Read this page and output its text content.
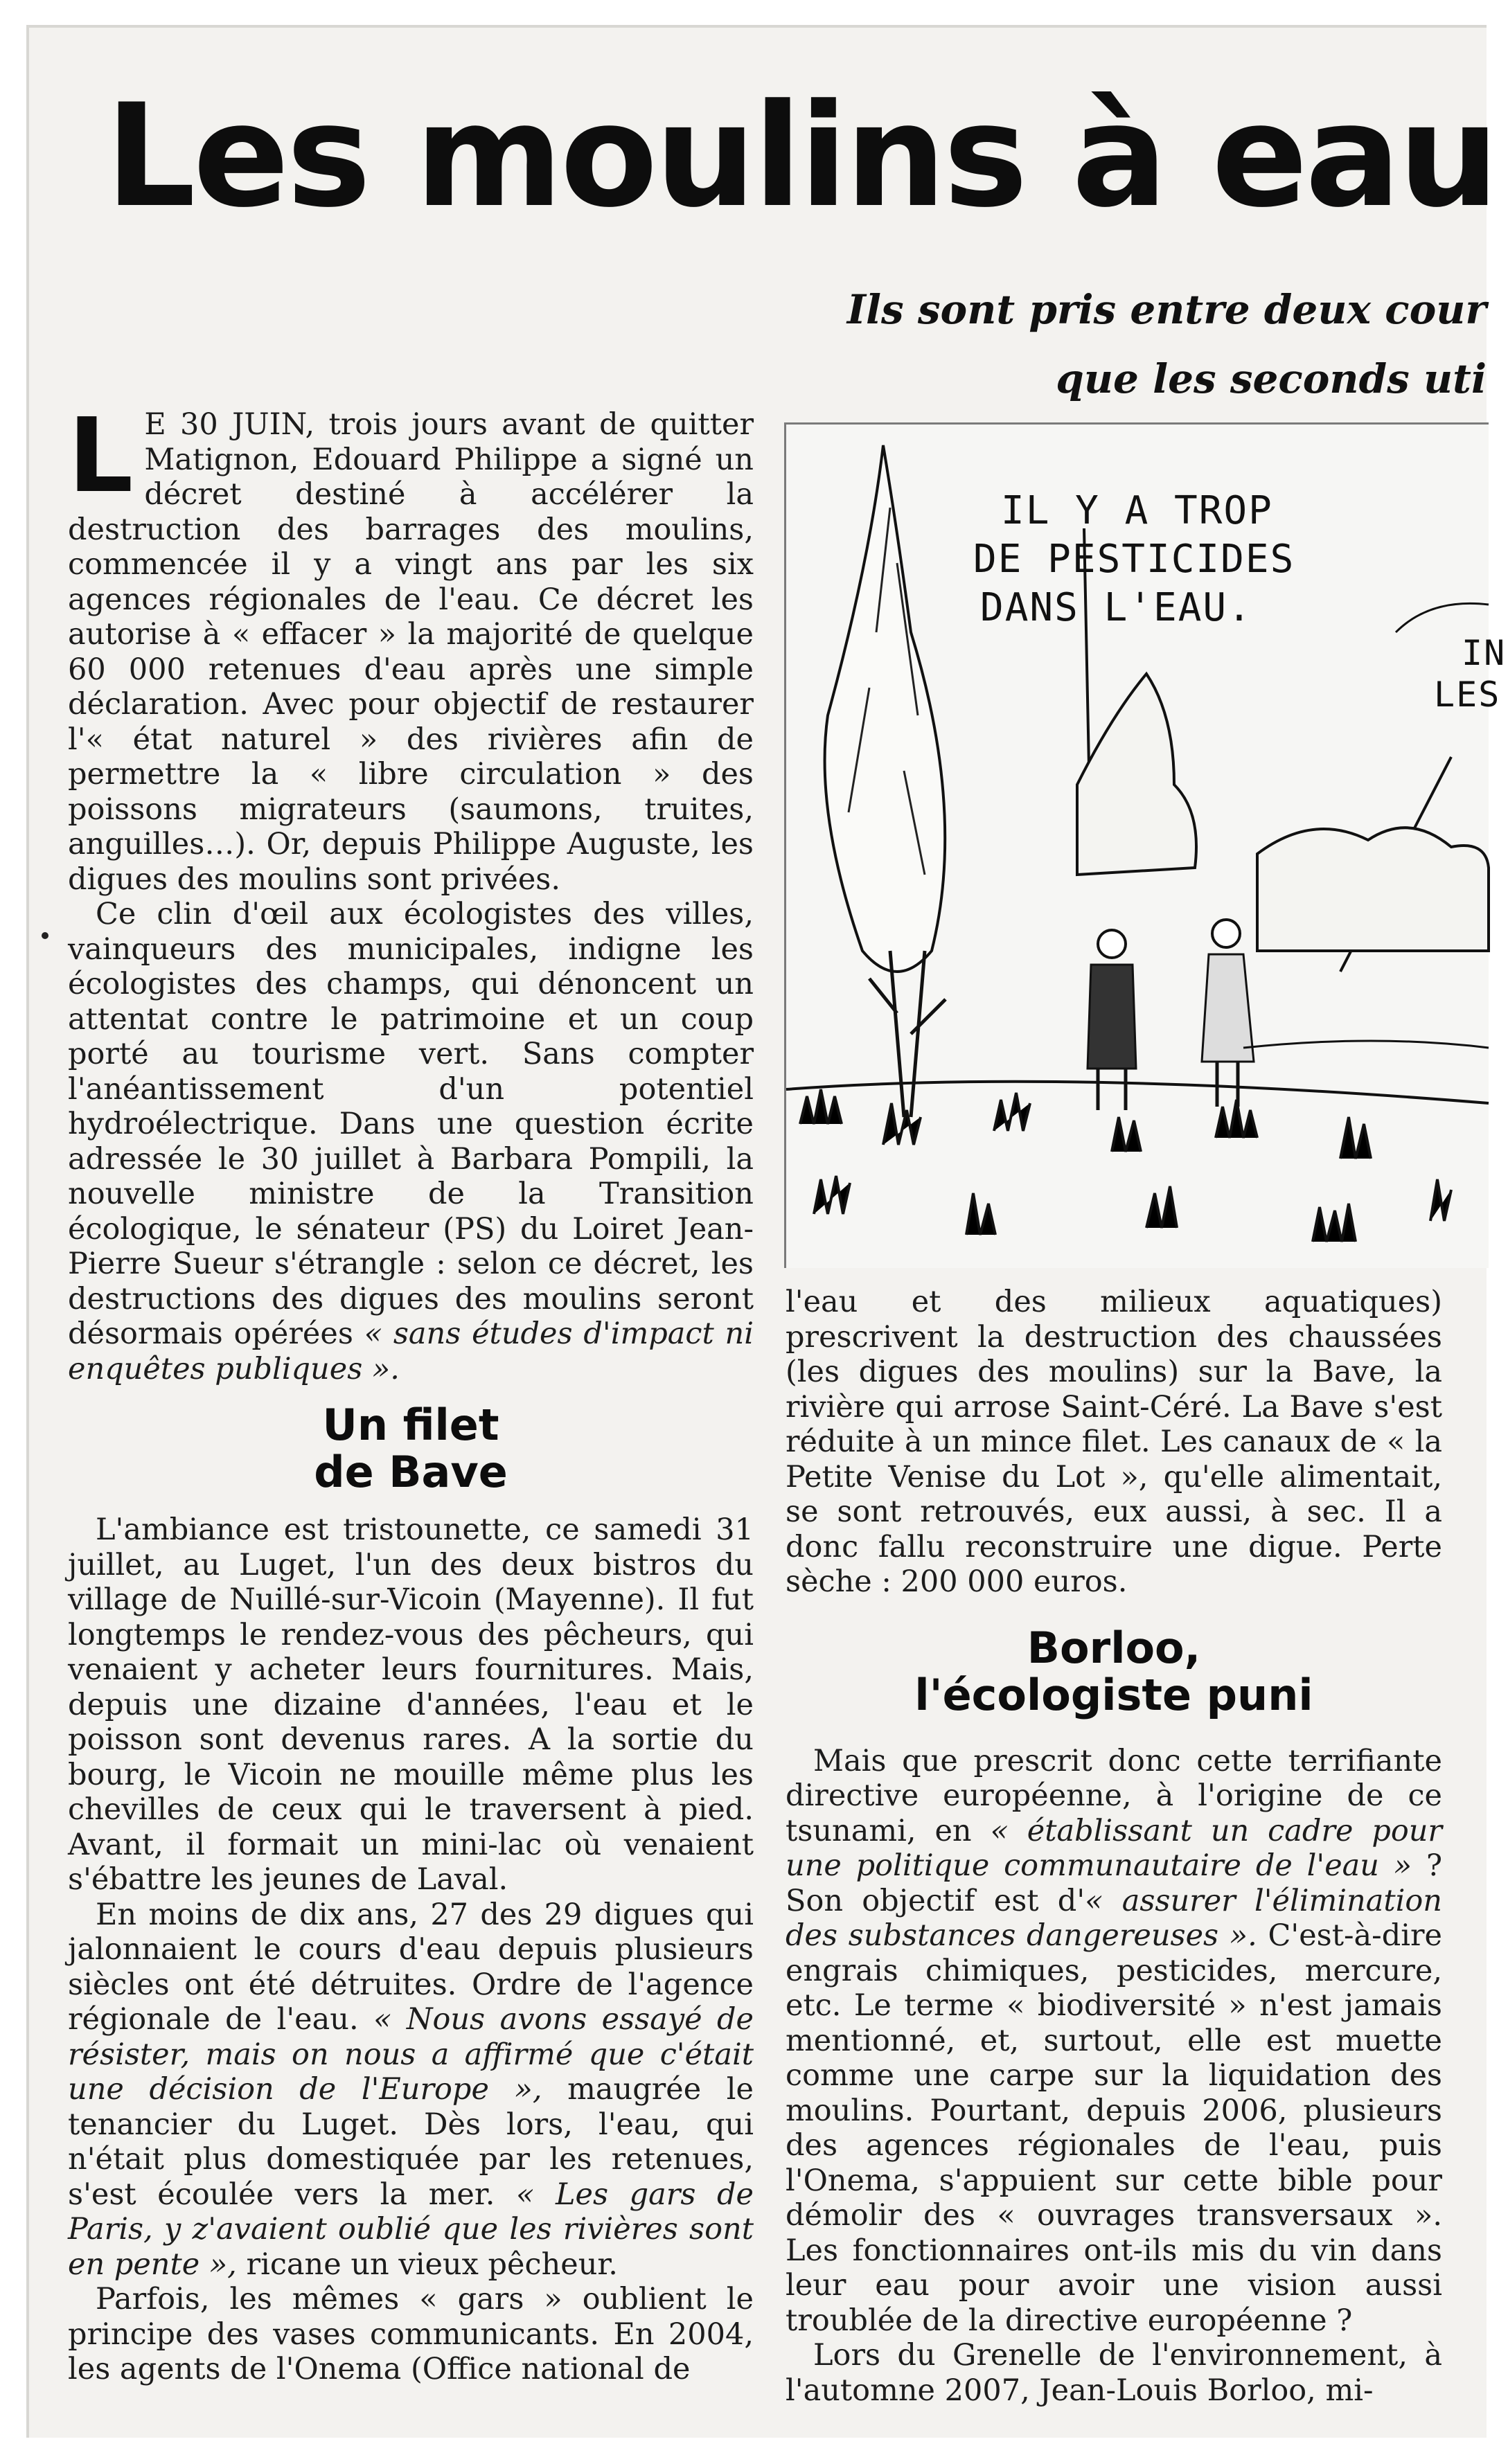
Les moulins à eau
Ils sont pris entre deux cour
que les seconds uti
L E 30 JUIN, trois jours avant de quitter Matignon, Edouard Philippe a signé un décret destiné à accélérer la destruction des barrages des moulins, commencée il y a vingt ans par les six agences régionales de l'eau. Ce décret les autorise à « effacer » la majorité de quelque 60 000 retenues d'eau après une simple déclaration. Avec pour objectif de restaurer l'« état naturel » des rivières afin de permettre la « libre circulation » des poissons migrateurs (saumons, truites, anguilles…). Or, depuis Philippe Auguste, les digues des moulins sont privées.

Ce clin d'œil aux écologistes des villes, vainqueurs des municipales, indigne les écologistes des champs, qui dénoncent un attentat contre le patrimoine et un coup porté au tourisme vert. Sans compter l'anéantissement d'un potentiel hydroélectrique. Dans une question écrite adressée le 30 juillet à Barbara Pompili, la nouvelle ministre de la Transition écologique, le sénateur (PS) du Loiret Jean-Pierre Sueur s'étrangle : selon ce décret, les destructions des digues des moulins seront désormais opérées « sans études d'impact ni enquêtes publiques ».

Un filet
de Bave

L'ambiance est tristounette, ce samedi 31 juillet, au Luget, l'un des deux bistros du village de Nuillé-sur-Vicoin (Mayenne). Il fut longtemps le rendez-vous des pêcheurs, qui venaient y acheter leurs fournitures. Mais, depuis une dizaine d'années, l'eau et le poisson sont devenus rares. A la sortie du bourg, le Vicoin ne mouille même plus les chevilles de ceux qui le traversent à pied. Avant, il formait un mini-lac où venaient s'ébattre les jeunes de Laval.

En moins de dix ans, 27 des 29 digues qui jalonnaient le cours d'eau depuis plusieurs siècles ont été détruites. Ordre de l'agence régionale de l'eau. « Nous avons essayé de résister, mais on nous a affirmé que c'était une décision de l'Europe », maugrée le tenancier du Luget. Dès lors, l'eau, qui n'était plus domestiquée par les retenues, s'est écoulée vers la mer. « Les gars de Paris, y z'avaient oublié que les rivières sont en pente », ricane un vieux pêcheur.

Parfois, les mêmes « gars » oublient le principe des vases communicants. En 2004, les agents de l'Onema (Office national de

IL Y A TROP
DE PESTICIDES
DANS L'EAU.
IN
LES

l'eau et des milieux aquatiques) prescrivent la destruction des chaussées (les digues des moulins) sur la Bave, la rivière qui arrose Saint-Céré. La Bave s'est réduite à un mince filet. Les canaux de « la Petite Venise du Lot », qu'elle alimentait, se sont retrouvés, eux aussi, à sec. Il a donc fallu reconstruire une digue. Perte sèche : 200 000 euros.

Borloo,
l'écologiste puni

Mais que prescrit donc cette terrifiante directive européenne, à l'origine de ce tsunami, en « établissant un cadre pour une politique communautaire de l'eau » ? Son objectif est d'« assurer l'élimination des substances dangereuses ». C'est-à-dire engrais chimiques, pesticides, mercure, etc. Le terme « biodiversité » n'est jamais mentionné, et, surtout, elle est muette comme une carpe sur la liquidation des moulins. Pourtant, depuis 2006, plusieurs des agences régionales de l'eau, puis l'Onema, s'appuient sur cette bible pour démolir des « ouvrages transversaux ». Les fonctionnaires ont-ils mis du vin dans leur eau pour avoir une vision aussi troublée de la directive européenne ?

Lors du Grenelle de l'environnement, à l'automne 2007, Jean-Louis Borloo, mi-
